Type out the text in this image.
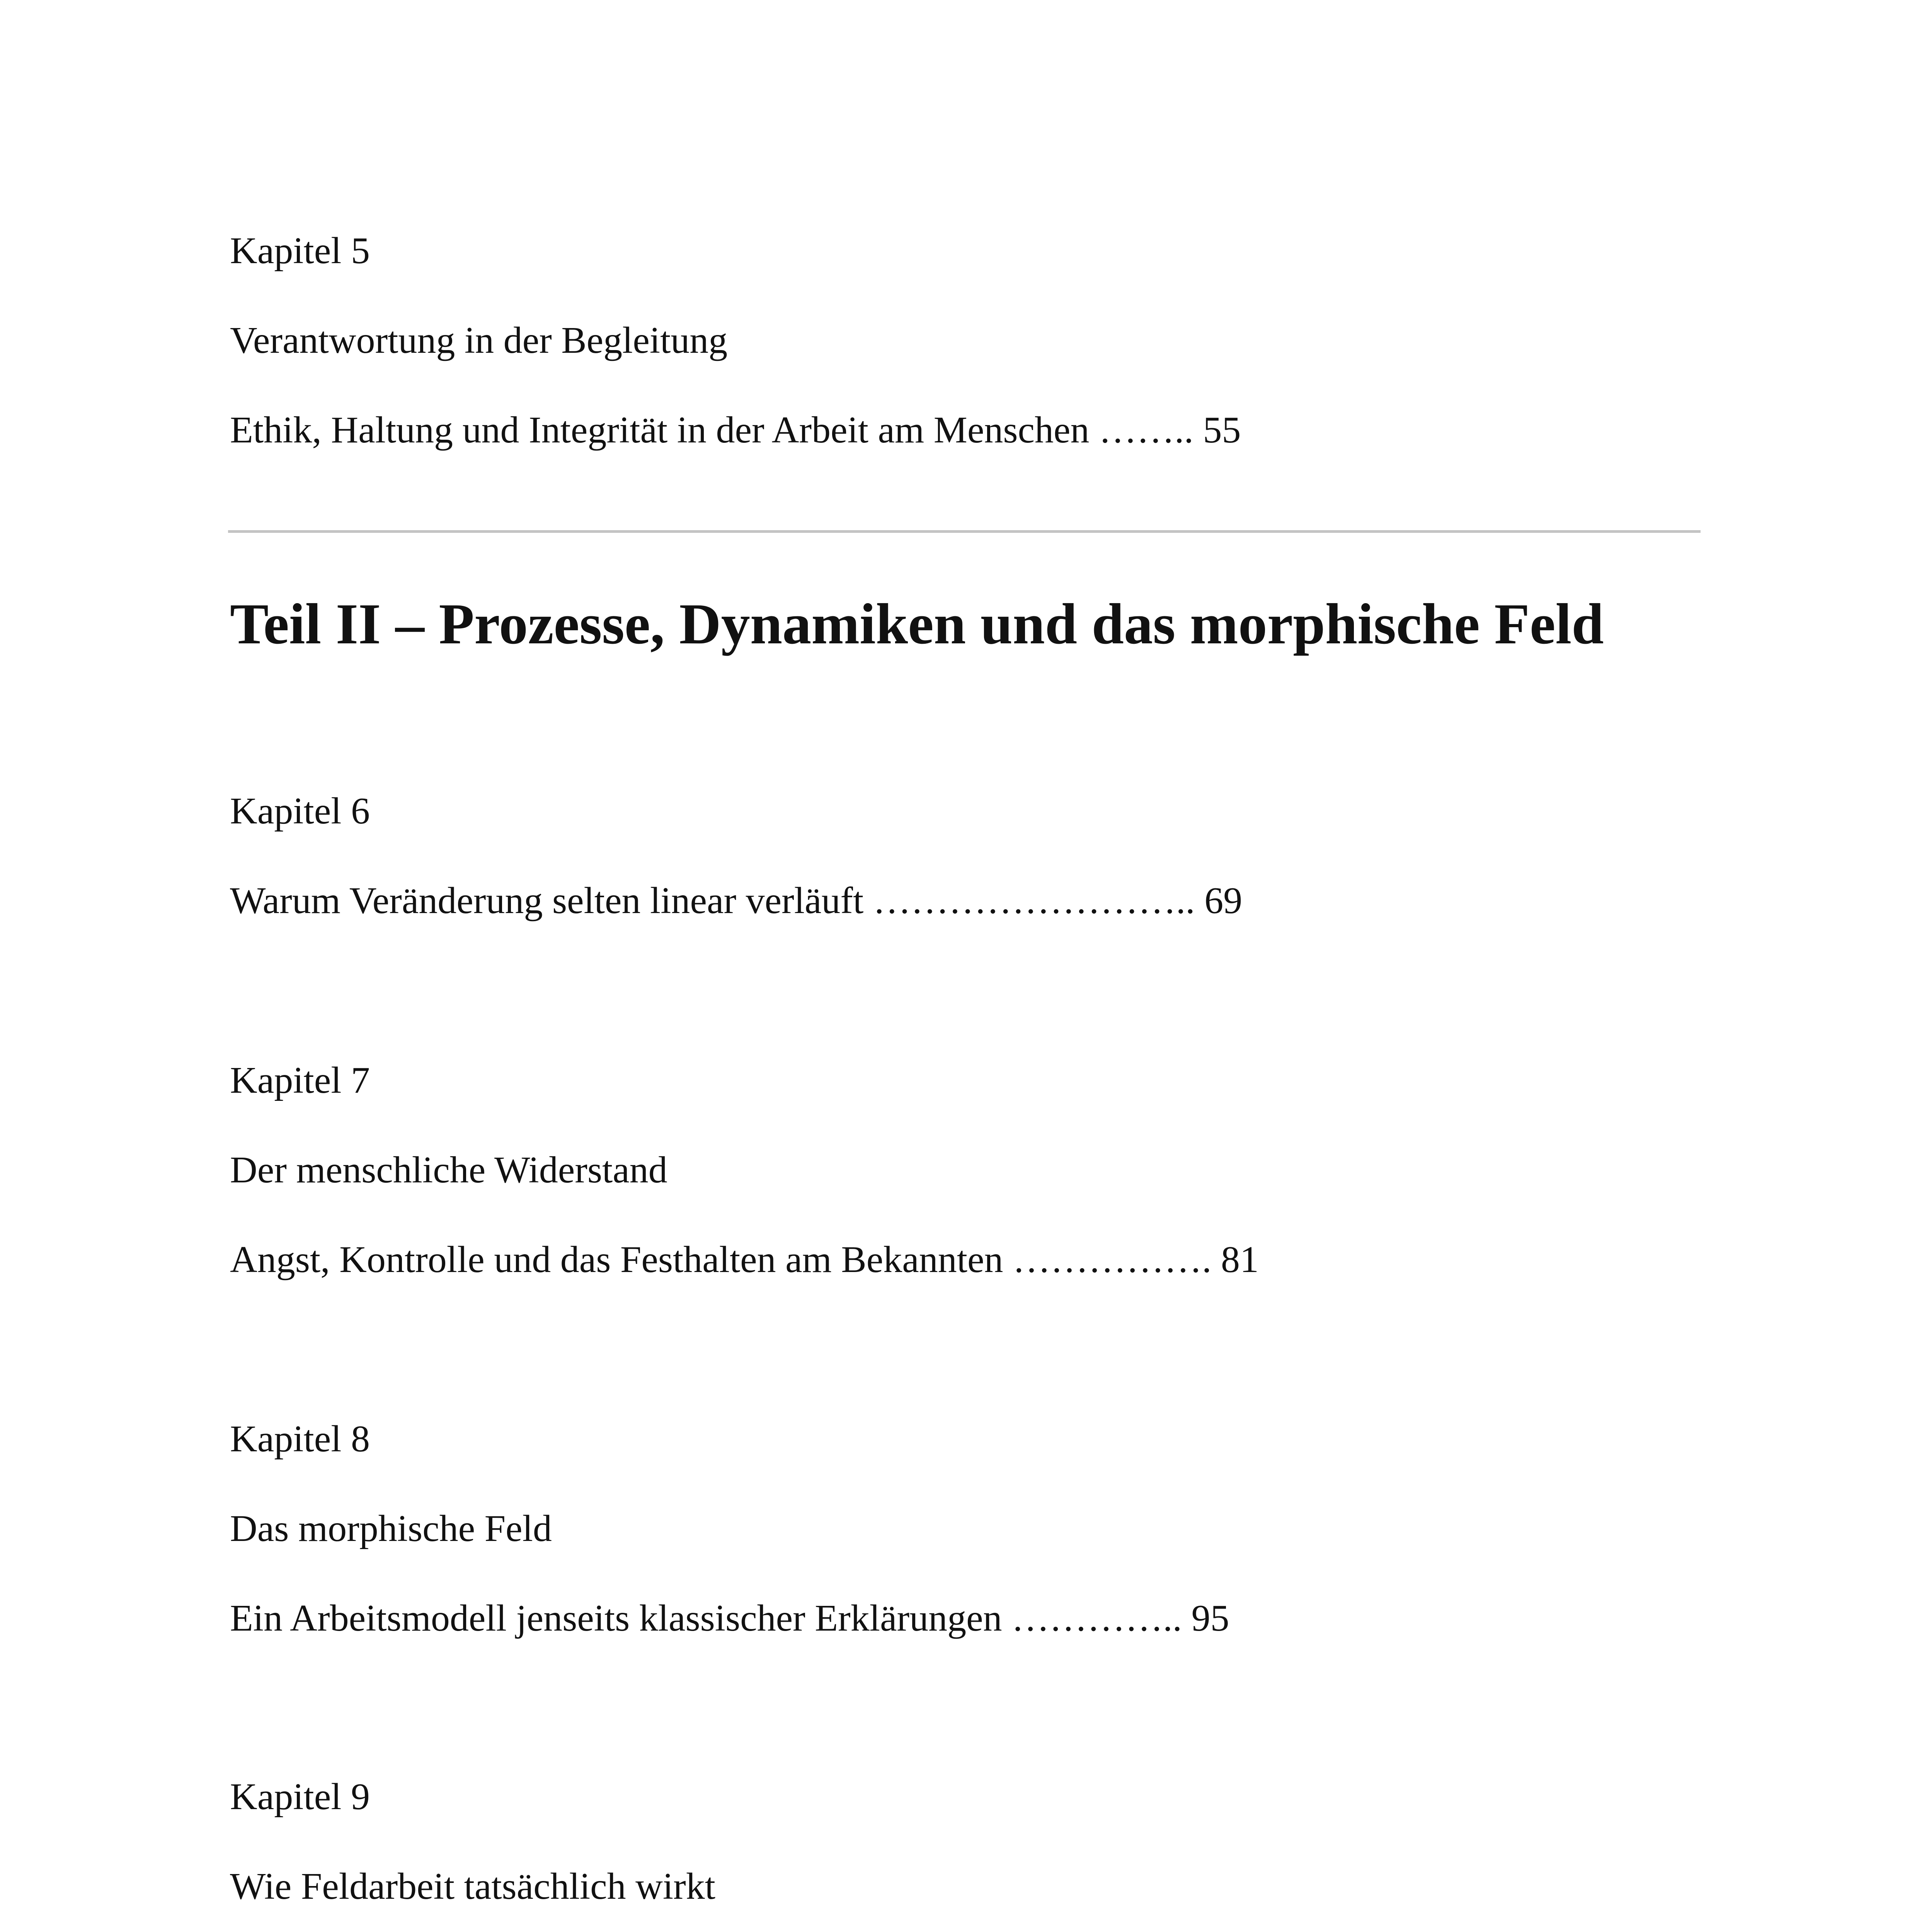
Kapitel 5

Verantwortung in der Begleitung

Ethik, Haltung und Integrität in der Arbeit am Menschen …….. 55

Teil II – Prozesse, Dynamiken und das morphische Feld

Kapitel 6

Warum Veränderung selten linear verläuft …………………….. 69

Kapitel 7

Der menschliche Widerstand

Angst, Kontrolle und das Festhalten am Bekannten ……………. 81

Kapitel 8

Das morphische Feld

Ein Arbeitsmodell jenseits klassischer Erklärungen ………….. 95

Kapitel 9

Wie Feldarbeit tatsächlich wirkt
